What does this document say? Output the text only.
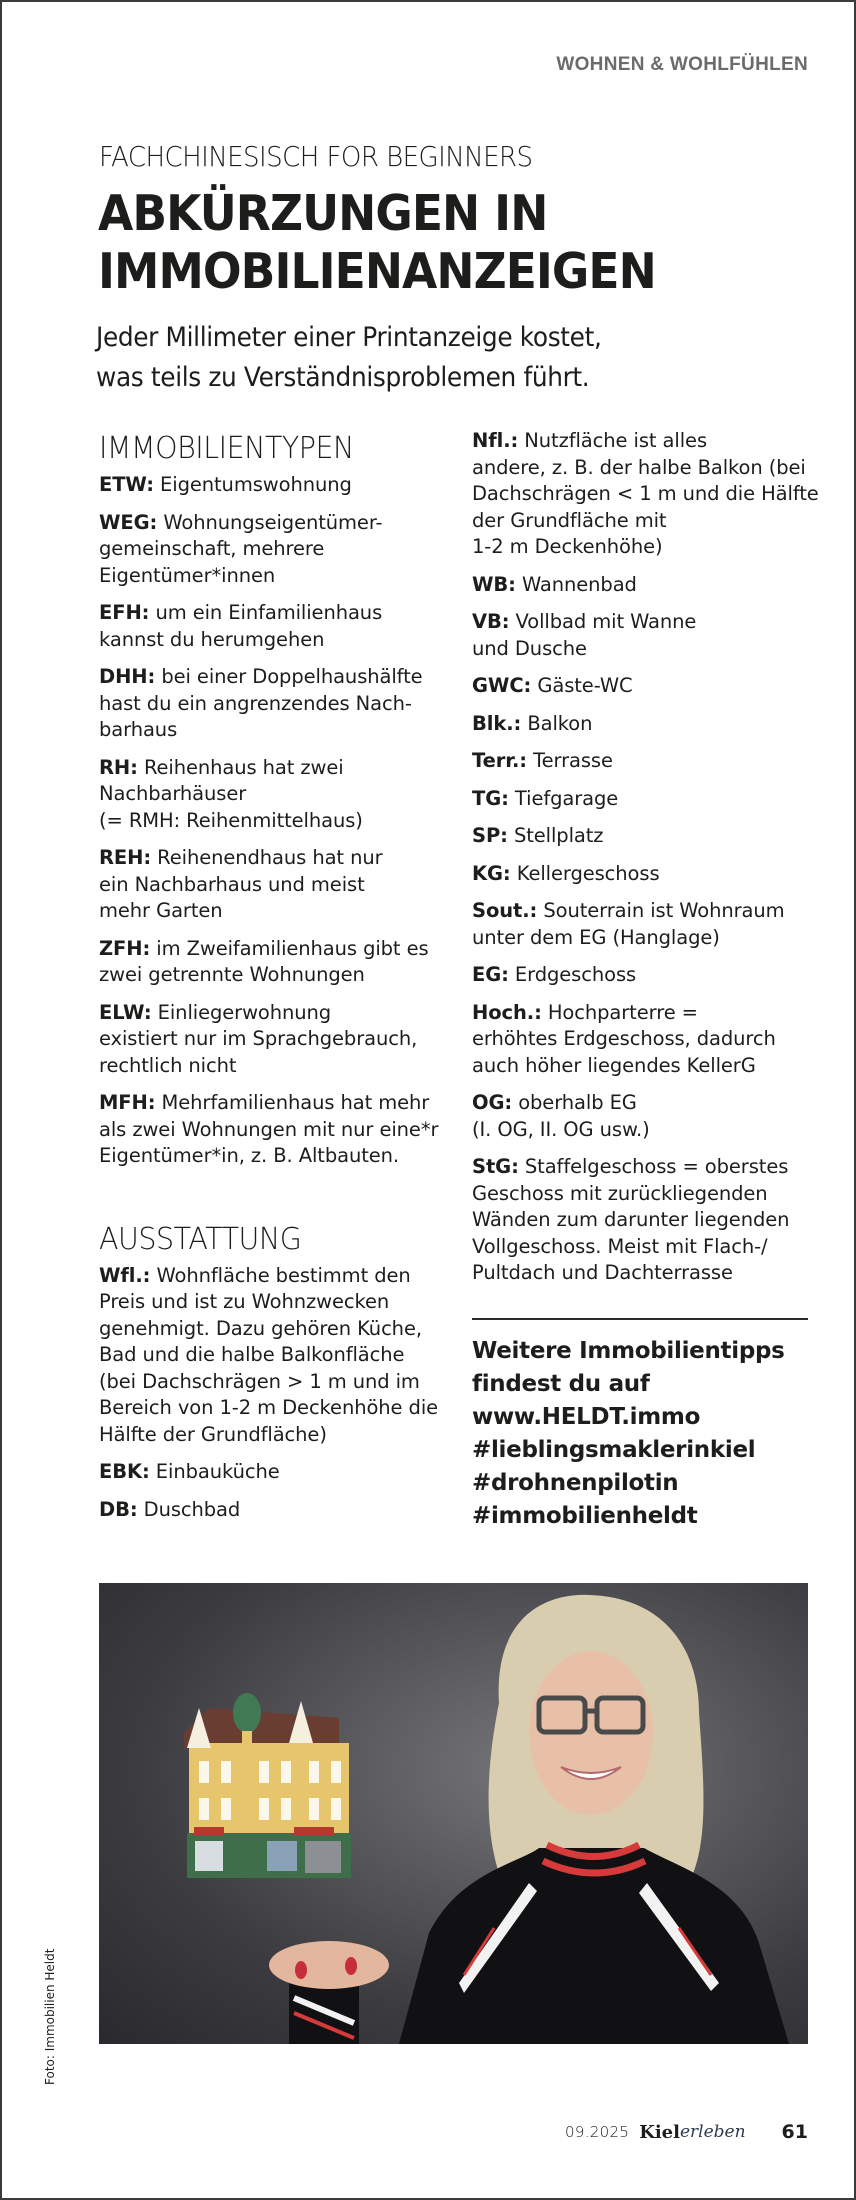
WOHNEN & WOHLFÜHLEN
FACHCHINESISCH FOR BEGINNERS
ABKÜRZUNGEN IN
IMMOBILIENANZEIGEN
Jeder Millimeter einer Printanzeige kostet,
was teils zu Verständnisproblemen führt.
IMMOBILIENTYPEN

ETW: Eigentumswohnung

WEG: Wohnungseigentümer-
gemeinschaft, mehrere
Eigentümer*innen

EFH: um ein Einfamilienhaus
kannst du herumgehen

DHH: bei einer Doppelhaushälfte
hast du ein angrenzendes Nach-
barhaus

RH: Reihenhaus hat zwei
Nachbarhäuser
(= RMH: Reihenmittelhaus)

REH: Reihenendhaus hat nur
ein Nachbarhaus und meist
mehr Garten

ZFH: im Zweifamilienhaus gibt es
zwei getrennte Wohnungen

ELW: Einliegerwohnung
existiert nur im Sprachgebrauch,
rechtlich nicht

MFH: Mehrfamilienhaus hat mehr
als zwei Wohnungen mit nur eine*r
Eigentümer*in, z. B. Altbauten.

AUSSTATTUNG

Wfl.: Wohnfläche bestimmt den
Preis und ist zu Wohnzwecken
genehmigt. Dazu gehören Küche,
Bad und die halbe Balkonfläche
(bei Dachschrägen > 1 m und im
Bereich von 1-2 m Deckenhöhe die
Hälfte der Grundfläche)

EBK: Einbauküche

DB: Duschbad

Nfl.: Nutzfläche ist alles
andere, z. B. der halbe Balkon (bei
Dachschrägen < 1 m und die Hälfte
der Grundfläche mit
1-2 m Deckenhöhe)

WB: Wannenbad

VB: Vollbad mit Wanne
und Dusche

GWC: Gäste-WC

Blk.: Balkon

Terr.: Terrasse

TG: Tiefgarage

SP: Stellplatz

KG: Kellergeschoss

Sout.: Souterrain ist Wohnraum
unter dem EG (Hanglage)

EG: Erdgeschoss

Hoch.: Hochparterre =
erhöhtes Erdgeschoss, dadurch
auch höher liegendes KellerG

OG: oberhalb EG
(I. OG, II. OG usw.)

StG: Staffelgeschoss = oberstes
Geschoss mit zurückliegenden
Wänden zum darunter liegenden
Vollgeschoss. Meist mit Flach-/
Pultdach und Dachterrasse

Weitere Immobilientipps
findest du auf
www.HELDT.immo
#lieblingsmaklerinkiel
#drohnenpilotin
#immobilienheldt
Foto: Immobilien Heldt
09.2025 Kiel erleben 61
